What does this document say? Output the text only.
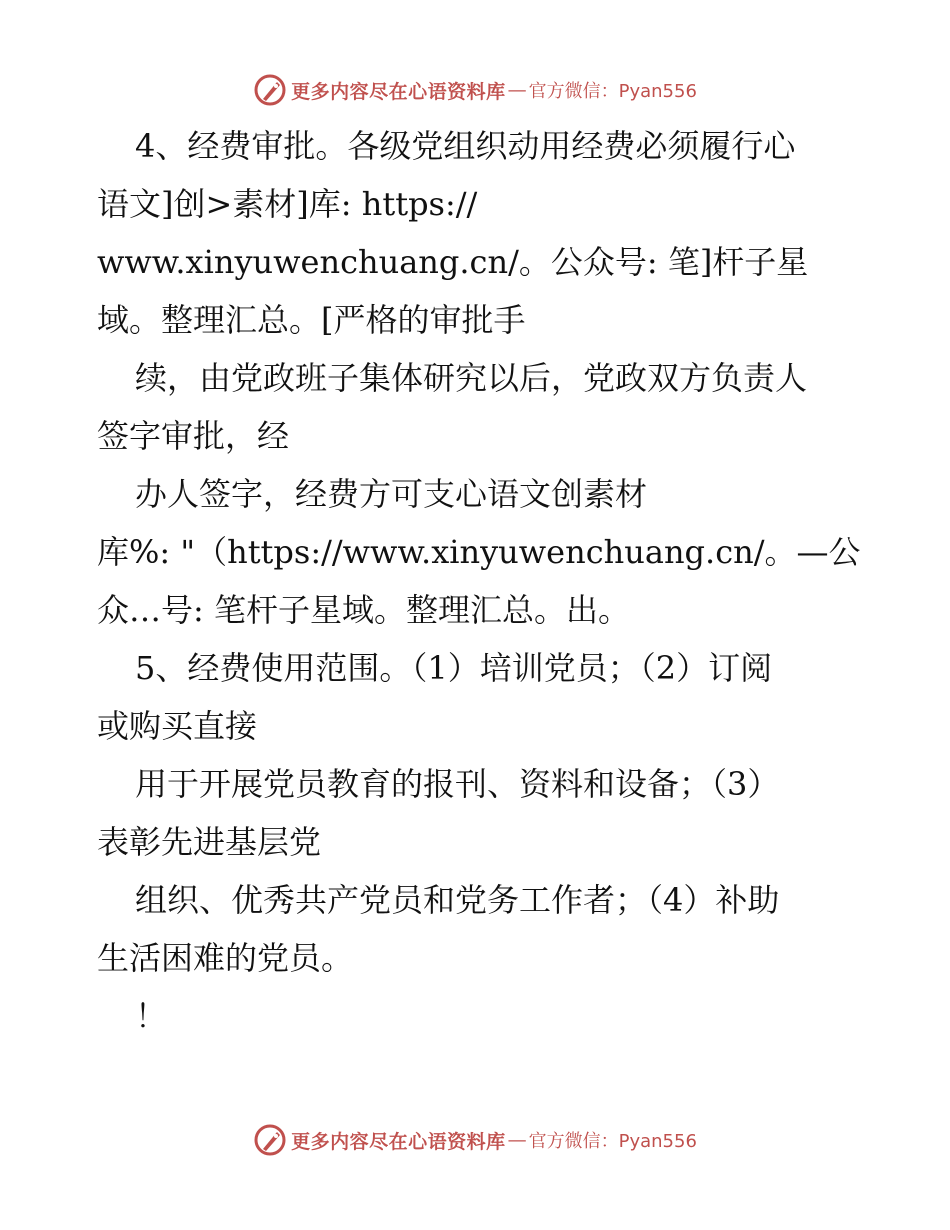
更多内容尽在心语资料库 — 官方微信：Pyan556
4、经费审批。各级党组织动用经费必须履行心
语文]创>素材]库: https://
www.xinyuwenchuang.cn/。公众号: 笔]杆子星
域。整理汇总。[严格的审批手
续，由党政班子集体研究以后，党政双方负责人
签字审批，经
办人签字，经费方可支心语文创素材
库%: "（https://www.xinyuwenchuang.cn/。—公
众…号: 笔杆子星域。整理汇总。出。
5、经费使用范围。（1）培训党员；（2）订阅
或购买直接
用于开展党员教育的报刊、资料和设备；（3）
表彰先进基层党
组织、优秀共产党员和党务工作者；（4）补助
生活困难的党员。
！
更多内容尽在心语资料库 — 官方微信：Pyan556
